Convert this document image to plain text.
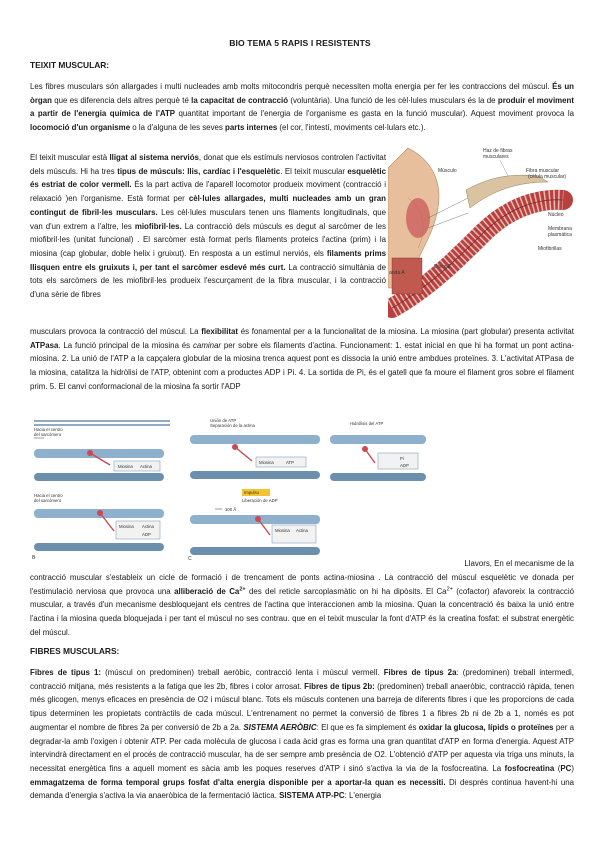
BIO TEMA 5 RAPIS I RESISTENTS
TEIXIT MUSCULAR:
Les fibres musculars són allargades i multi nucleades amb molts mitocondris perquè necessiten molta energia per fer les contraccions del múscul. És un òrgan que es diferencia dels altres perquè té la capacitat de contracció (voluntària). Una funció de les cèl·lules musculars és la de produir el moviment a partir de l'energia química de l'ATP quantitat important de l'energia de l'organisme es gasta en la funció muscular). Aquest moviment provoca la locomoció d'un organisme o la d'alguna de les seves parts internes (el cor, l'intestí, moviments cel·lulars etc.).
El teixit muscular està lligat al sistema nerviós, donat que els estímuls nerviosos controlen l'activitat dels músculs. Hi ha tres tipus de músculs: llis, cardíac i l'esquelètic. El teixit muscular esquelètic és estriat de color vermell. És la part activa de l'aparell locomotor produeix moviment (contracció i relaxació )en l'organisme. Està format per cèl·lules allargades, multi nucleades amb un gran contingut de fibril·les musculars. Les cèl·lules musculars tenen uns filaments longitudinals, que van d'un extrem a l'altre, les miofibril·les. La contracció dels músculs es degut al sarcòmer de les miofibril·les (unitat funcional) . El sarcòmer està format perls filaments proteics l'actina (prim) i la miosina (cap globular, doble helix i gruixut). En resposta a un estímul nerviós, els filaments prims llisquen entre els gruixuts i, per tant el sarcòmer esdevé més curt. La contracció simultània de tots els sarcòmers de les miofibril·les produeix l'escurçament de la fibra muscular, i la contracció d'una sèrie de fibres
musculars provoca la contracció del múscul. La flexibilitat és fonamental per a la funcionalitat de la miosina. La miosina (part globular) presenta activitat ATPasa. La funció principal de la miosina és caminar per sobre els filaments d'actina. Funcionament: 1. estat inicial en que hi ha format un pont actina-miosina. 2. La unió de l'ATP a la capçalera globular de la miosina trenca aquest pont es dissocia la unió entre ambdues proteïnes. 3. L'activitat ATPasa de la miosina, catalitza la hidròlisi de l'ATP, obtenint com a productes ADP i Pi. 4. La sortida de Pi, és el gatell que fa moure el filament gros sobre el filament prim. 5. El canvi conformacional de la miosina fa sortir l'ADP
Haz de fibras
musculares
Fibra muscular
(célula muscular)
Músculo
Núcleo
Membrana
plasmática
Miofibrillas
Disco Z
anda A
Hacia el centro
del sarcómero
Miosina Actina
Unión de ATP
Separación de la actina
Miosina	ATP
Hidrólisis del ATP
Pi
ADP
Hacia el centro
del sarcómero
Miosina Actina
ADP
B
Impulso
Liberación de ADP
100 Å
Miosina Actina
C	Llavors, En el mecanisme de la
contracció muscular s'estableix un cicle de formació i de trencament de ponts actina-miosina . La contracció del múscul esquelètic ve donada per l'estimulació nerviosa que provoca una alliberació de $Ca^{2+}$ des del reticle sarcoplasmàtic on hi ha dipòsits. El $Ca^{2+}$ (cofactor) afavoreix la contracció muscular, a través d'un mecanisme desbloquejant els centres de l'actina que interaccionen amb la miosina. Quan la concentració és baixa la unió entre l'actina i la miosina queda bloquejada i per tant el múscul no ses contrau. que en el teixit muscular la font d'ATP és la creatina fosfat: el substrat energètic del múscul.
FIBRES MUSCULARS:
Fibres de tipus 1: (múscul on predominen) treball aeròbic, contracció lenta i múscul vermell. Fibres de tipus 2a: (predominen) treball intermedi, contracció mitjana, més resistents a la fatiga que les 2b, fibres i color arrosat. Fibres de tipus 2b: (predominen) treball anaeròbic, contracció ràpida, tenen més glicogen, menys eficaces en presència de O2 i múscul blanc. Tots els músculs contenen una barreja de diferents fibres i que les proporcions de cada tipus determinen les propietats contràctils de cada múscul. L'entrenament no permet la conversió de fibres 1 a fibres 2b ni de 2b a 1, només es pot augmentar el nombre de fibres 2a per conversió de 2b a 2a. SISTEMA AERÒBIC: El que es fa simplement és oxidar la glucosa, lípids o proteïnes per a degradar-la amb l'oxigen i obtenir ATP. Per cada molècula de glucosa i cada àcid gras es forma una gran quantitat d'ATP en forma d'energia. Aquest ATP intervindrà directament en el procés de contracció muscular, ha de ser sempre amb presència de O2. L'obtenció d'ATP per aquesta via triga uns minuts, la necessitat energètica fins a aquell moment es sàcia amb les poques reserves d'ATP i sinó s'activa la via de la fosfocreatina. La fosfocreatina (PC) emmagatzema de forma temporal grups fosfat d'alta energia disponible per a aportar-la quan es necessiti. Di després continua havent-hi una demanda d'energia s'activa la via anaeròbica de la fermentació làctica. SISTEMA ATP-PC: L'energia
